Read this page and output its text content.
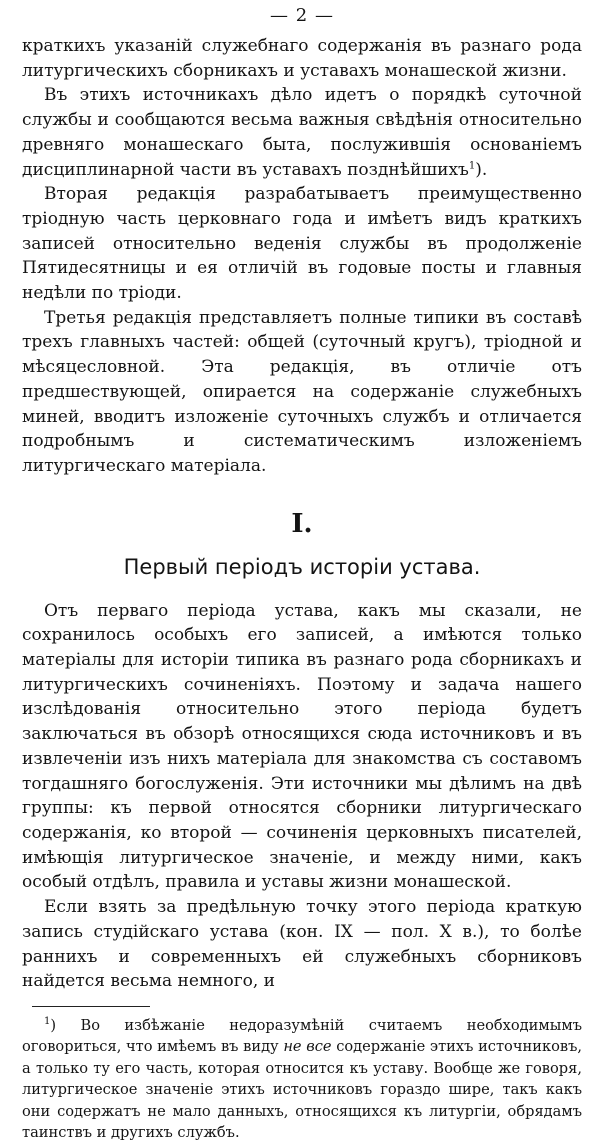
— 2 —

краткихъ указаній служебнаго содержанія въ разнаго рода литургическихъ сборникахъ и уставахъ монашеской жизни.

Въ этихъ источникахъ дѣло идетъ о порядкѣ суточной службы и сообщаются весьма важныя свѣдѣнія относительно древняго монашескаго быта, послужившія основаніемъ дисциплинарной части въ уставахъ позднѣйшихъ$^1$).

Вторая редакція разрабатываетъ преимущественно тріодную часть церковнаго года и имѣетъ видъ краткихъ записей относительно веденія службы въ продолженіе Пятидесятницы и ея отличій въ годовые посты и главныя недѣли по тріоди.

Третья редакція представляетъ полные типики въ составѣ трехъ главныхъ частей: общей (суточный кругъ), тріодной и мѣсяцесловной. Эта редакція, въ отличіе отъ предшествующей, опирается на содержаніе служебныхъ миней, вводитъ изложеніе суточныхъ службъ и отличается подробнымъ и систематическимъ изложеніемъ литургическаго матеріала.

I.
Первый періодъ исторіи устава.

Отъ перваго періода устава, какъ мы сказали, не сохранилось особыхъ его записей, а имѣются только матеріалы для исторіи типика въ разнаго рода сборникахъ и литургическихъ сочиненіяхъ. Поэтому и задача нашего изслѣдованія относительно этого періода будетъ заключаться въ обзорѣ относящихся сюда источниковъ и въ извлеченіи изъ нихъ матеріала для знакомства съ составомъ тогдашняго богослуженія. Эти источники мы дѣлимъ на двѣ группы: къ первой относятся сборники литургическаго содержанія, ко второй — сочиненія церковныхъ писателей, имѣющія литургическое значеніе, и между ними, какъ особый отдѣлъ, правила и уставы жизни монашеской.

Если взять за предѣльную точку этого періода краткую запись студійскаго устава (кон. IX — пол. X в.), то болѣе раннихъ и современныхъ ей служебныхъ сборниковъ найдется весьма немного, и

$^1$) Во избѣжаніе недоразумѣній считаемъ необходимымъ оговориться, что имѣемъ въ виду не все содержаніе этихъ источниковъ, а только ту его часть, которая относится къ уставу. Вообще же говоря, литургическое значеніе этихъ источниковъ гораздо шире, такъ какъ они содержатъ не мало данныхъ, относящихся къ литургіи, обрядамъ таинствъ и другихъ службъ.
